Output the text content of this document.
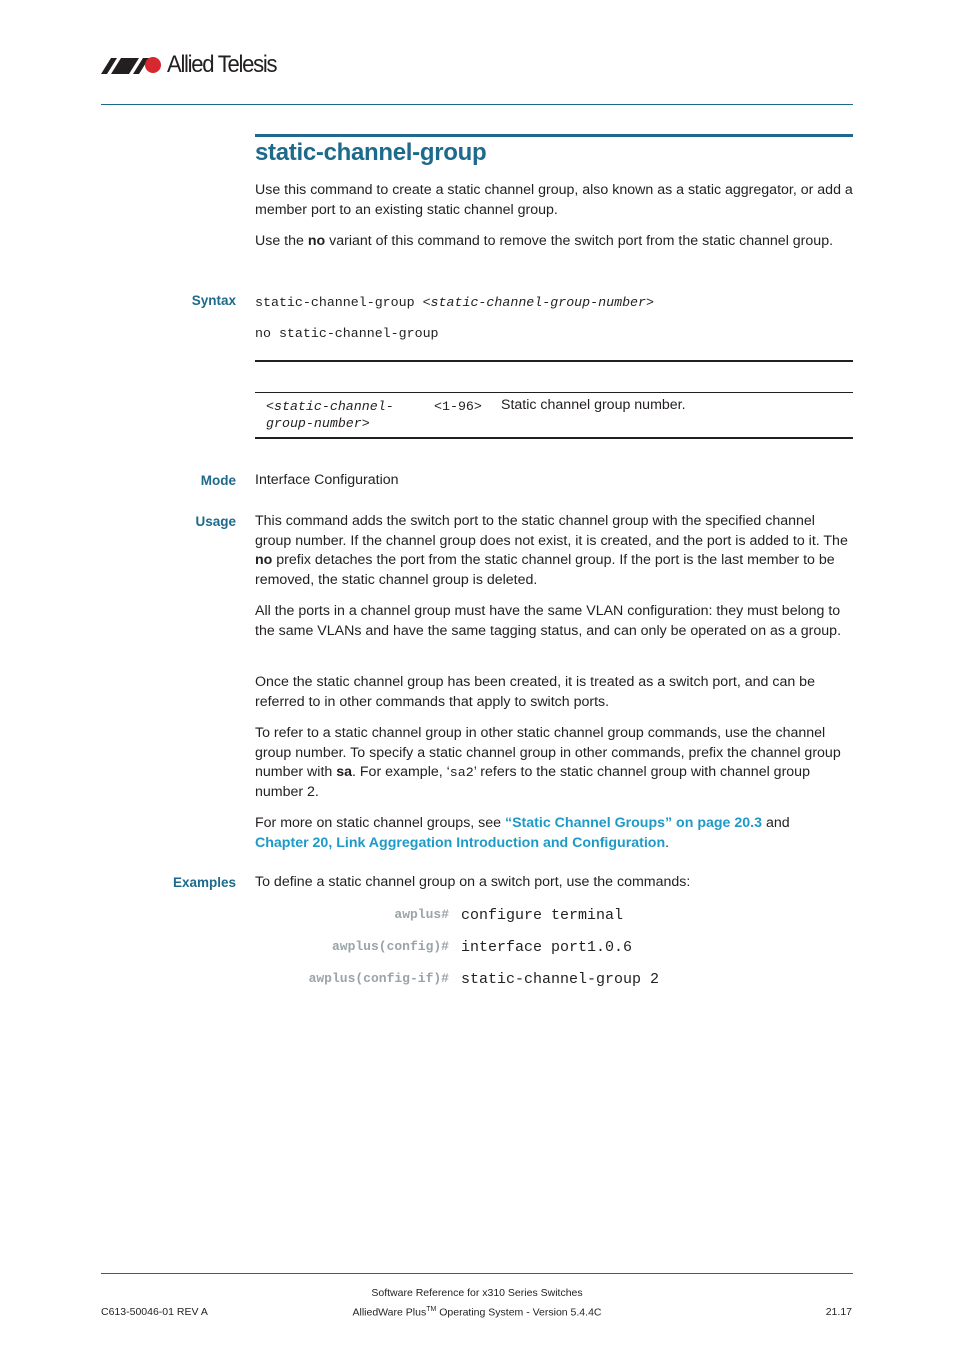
Allied Telesis
static-channel-group
Use this command to create a static channel group, also known as a static aggregator, or add a member port to an existing static channel group.
Use the no variant of this command to remove the switch port from the static channel group.
Syntax static-channel-group <static-channel-group-number>
no static-channel-group
<static-channel-
group-number>
<1-96> Static channel group number.
Mode Interface Configuration
Usage This command adds the switch port to the static channel group with the specified channel group number. If the channel group does not exist, it is created, and the port is added to it. The no prefix detaches the port from the static channel group. If the port is the last member to be removed, the static channel group is deleted.
All the ports in a channel group must have the same VLAN configuration: they must belong to the same VLANs and have the same tagging status, and can only be operated on as a group.
Once the static channel group has been created, it is treated as a switch port, and can be referred to in other commands that apply to switch ports.
To refer to a static channel group in other static channel group commands, use the channel group number. To specify a static channel group in other commands, prefix the channel group number with sa. For example, ‘sa2’ refers to the static channel group with channel group number 2.
For more on static channel groups, see “Static Channel Groups” on page 20.3 and
Chapter 20, Link Aggregation Introduction and Configuration.
Examples To define a static channel group on a switch port, use the commands:
awplus# configure terminal
awplus(config)# interface port1.0.6
awplus(config-if)# static-channel-group 2
C613-50046-01 REV A
Software Reference for x310 Series Switches
AlliedWare Plus™ Operating System - Version 5.4.4C	21.17
